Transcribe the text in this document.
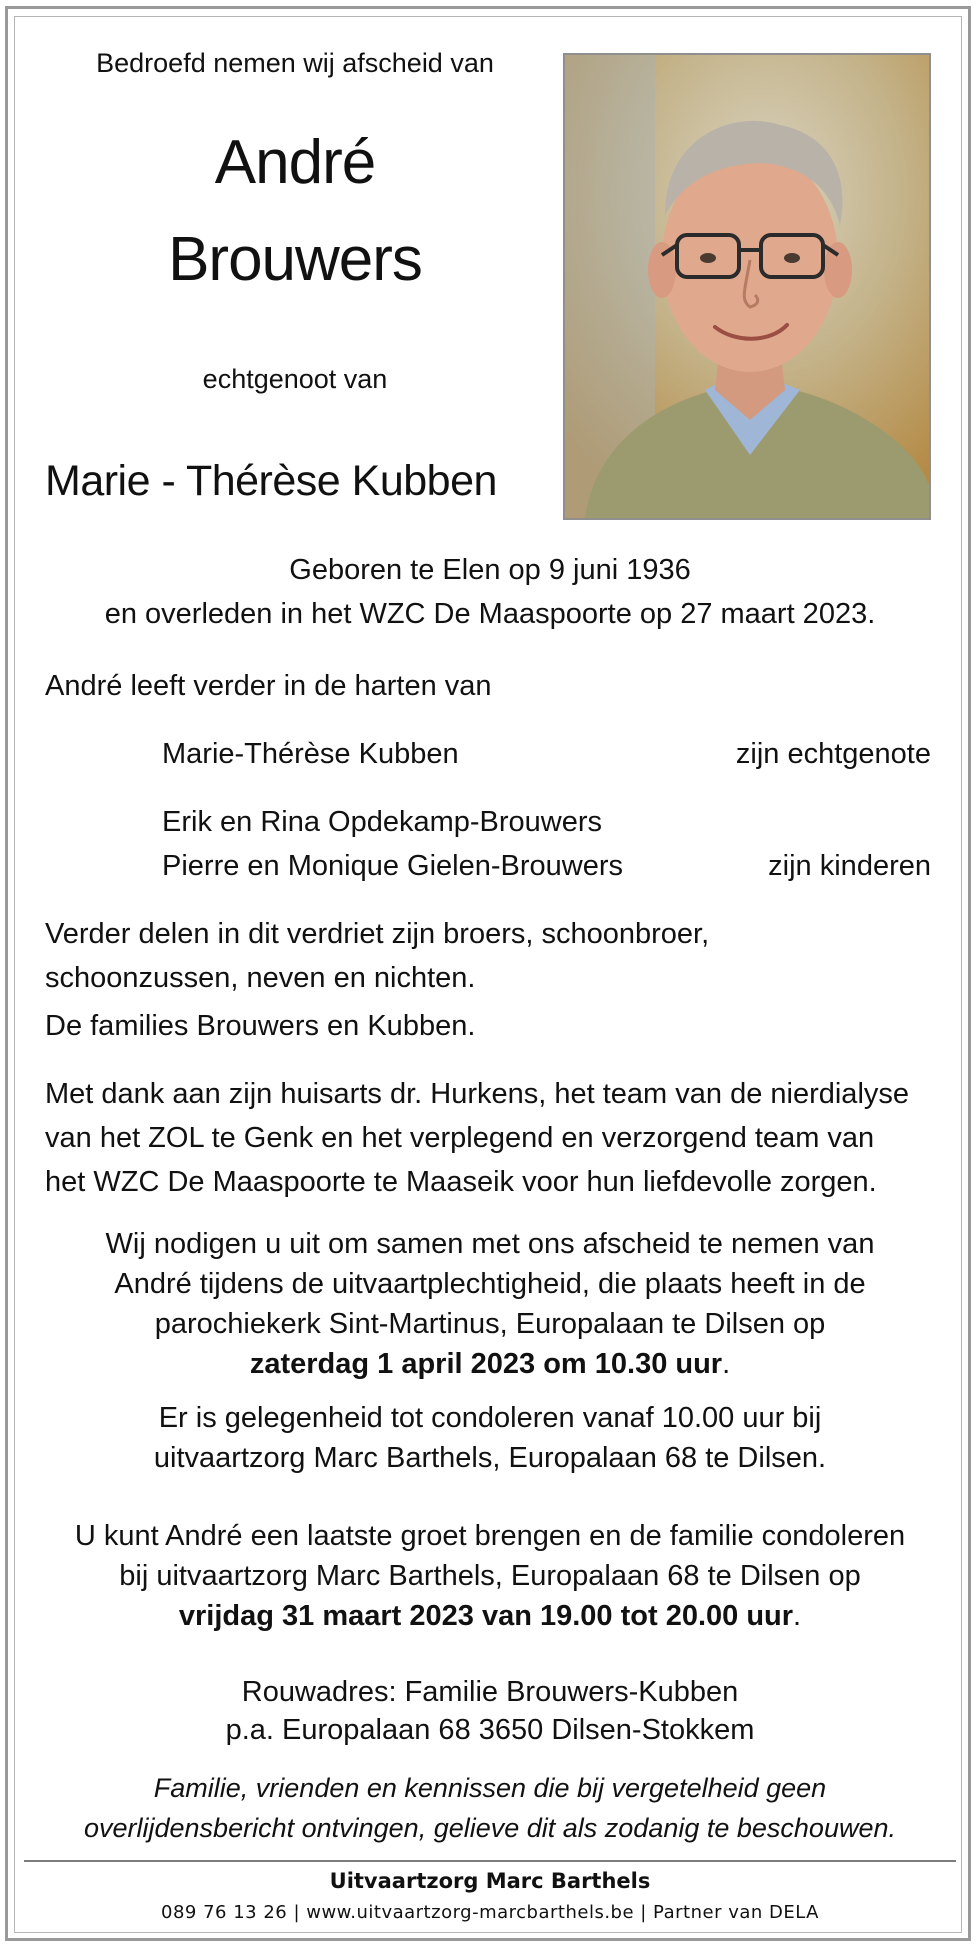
Bedroefd nemen wij afscheid van
André
Brouwers
echtgenoot van
Marie - Thérèse Kubben
Geboren te Elen op 9 juni 1936
en overleden in het WZC De Maaspoorte op 27 maart 2023.
André leeft verder in de harten van
Marie-Thérèse Kubben	zijn echtgenote
Erik en Rina Opdekamp-Brouwers
Pierre en Monique Gielen-Brouwers	zijn kinderen
Verder delen in dit verdriet zijn broers, schoonbroer,
schoonzussen, neven en nichten.
De families Brouwers en Kubben.
Met dank aan zijn huisarts dr. Hurkens, het team van de nierdialyse
van het ZOL te Genk en het verplegend en verzorgend team van
het WZC De Maaspoorte te Maaseik voor hun liefdevolle zorgen.
Wij nodigen u uit om samen met ons afscheid te nemen van
André tijdens de uitvaartplechtigheid, die plaats heeft in de
parochiekerk Sint-Martinus, Europalaan te Dilsen op
zaterdag 1 april 2023 om 10.30 uur.
Er is gelegenheid tot condoleren vanaf 10.00 uur bij
uitvaartzorg Marc Barthels, Europalaan 68 te Dilsen.
U kunt André een laatste groet brengen en de familie condoleren
bij uitvaartzorg Marc Barthels, Europalaan 68 te Dilsen op
vrijdag 31 maart 2023 van 19.00 tot 20.00 uur.
Rouwadres: Familie Brouwers-Kubben
p.a. Europalaan 68 3650 Dilsen-Stokkem
Familie, vrienden en kennissen die bij vergetelheid geen
overlijdensbericht ontvingen, gelieve dit als zodanig te beschouwen.
Uitvaartzorg Marc Barthels
089 76 13 26 | www.uitvaartzorg-marcbarthels.be | Partner van DELA
